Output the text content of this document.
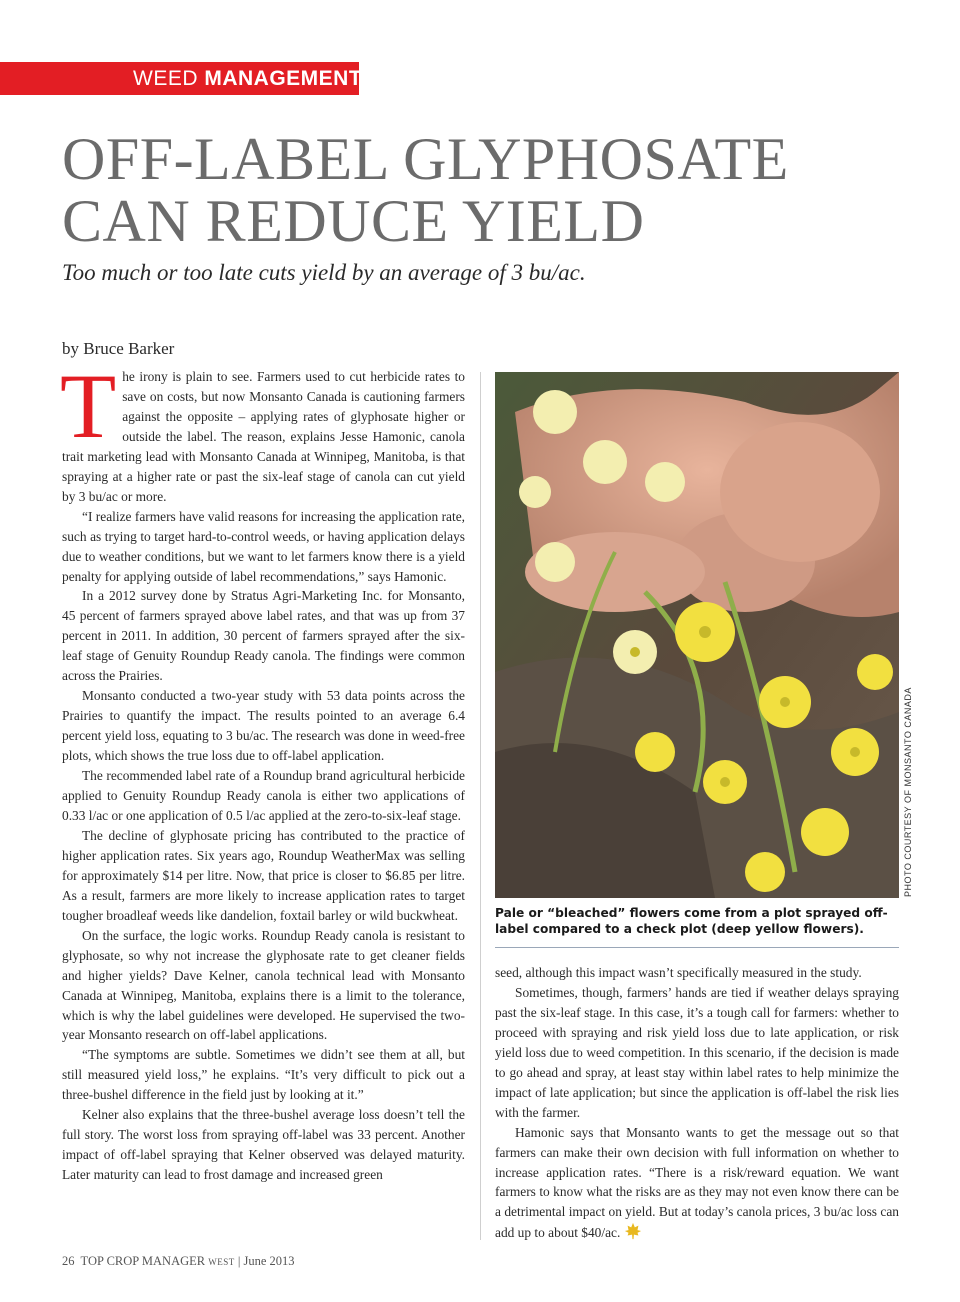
WEED MANAGEMENT
OFF-LABEL GLYPHOSATE
CAN REDUCE YIELD
Too much or too late cuts yield by an average of 3 bu/ac.
by Bruce Barker

The irony is plain to see. Farmers used to cut herbicide rates to save on costs, but now Monsanto Canada is cautioning farmers against the opposite – applying rates of glyphosate higher or outside the label. The reason, explains Jesse Hamonic, canola trait marketing lead with Monsanto Canada at Winnipeg, Manitoba, is that spraying at a higher rate or past the six-leaf stage of canola can cut yield by 3 bu/ac or more.

“I realize farmers have valid reasons for increasing the application rate, such as trying to target hard-to-control weeds, or having application delays due to weather conditions, but we want to let farmers know there is a yield penalty for applying outside of label recommendations,” says Hamonic.

In a 2012 survey done by Stratus Agri-Marketing Inc. for Monsanto, 45 percent of farmers sprayed above label rates, and that was up from 37 percent in 2011. In addition, 30 percent of farmers sprayed after the six-leaf stage of Genuity Roundup Ready canola. The findings were common across the Prairies.

Monsanto conducted a two-year study with 53 data points across the Prairies to quantify the impact. The results pointed to an average 6.4 percent yield loss, equating to 3 bu/ac. The research was done in weed-free plots, which shows the true loss due to off-label application.

The recommended label rate of a Roundup brand agricultural herbicide applied to Genuity Roundup Ready canola is either two applications of 0.33 l/ac or one application of 0.5 l/ac applied at the zero-to-six-leaf stage.

The decline of glyphosate pricing has contributed to the practice of higher application rates. Six years ago, Roundup WeatherMax was selling for approximately $14 per litre. Now, that price is closer to $6.85 per litre. As a result, farmers are more likely to increase application rates to target tougher broadleaf weeds like dandelion, foxtail barley or wild buckwheat.

On the surface, the logic works. Roundup Ready canola is resistant to glyphosate, so why not increase the glyphosate rate to get cleaner fields and higher yields? Dave Kelner, canola technical lead with Monsanto Canada at Winnipeg, Manitoba, explains there is a limit to the tolerance, which is why the label guidelines were developed. He supervised the two-year Monsanto research on off-label applications.

“The symptoms are subtle. Sometimes we didn’t see them at all, but still measured yield loss,” he explains. “It’s very difficult to pick out a three-bushel difference in the field just by looking at it.”

Kelner also explains that the three-bushel average loss doesn’t tell the full story. The worst loss from spraying off-label was 33 percent. Another impact of off-label spraying that Kelner observed was delayed maturity. Later maturity can lead to frost damage and increased green

PHOTO COURTESY OF MONSANTO CANADA
Pale or “bleached” flowers come from a plot sprayed off-label compared to a check plot (deep yellow flowers).

seed, although this impact wasn’t specifically measured in the study.

Sometimes, though, farmers’ hands are tied if weather delays spraying past the six-leaf stage. In this case, it’s a tough call for farmers: whether to proceed with spraying and risk yield loss due to late application, or risk yield loss due to weed competition. In this scenario, if the decision is made to go ahead and spray, at least stay within label rates to help minimize the impact of late application; but since the application is off-label the risk lies with the farmer.

Hamonic says that Monsanto wants to get the message out so that farmers can make their own decision with full information on whether to increase application rates. “There is a risk/reward equation. We want farmers to know what the risks are as they may not even know there can be a detrimental impact on yield. But at today’s canola prices, 3 bu/ac loss can add up to about $40/ac.

26 TOP CROP MANAGER WEST | June 2013
